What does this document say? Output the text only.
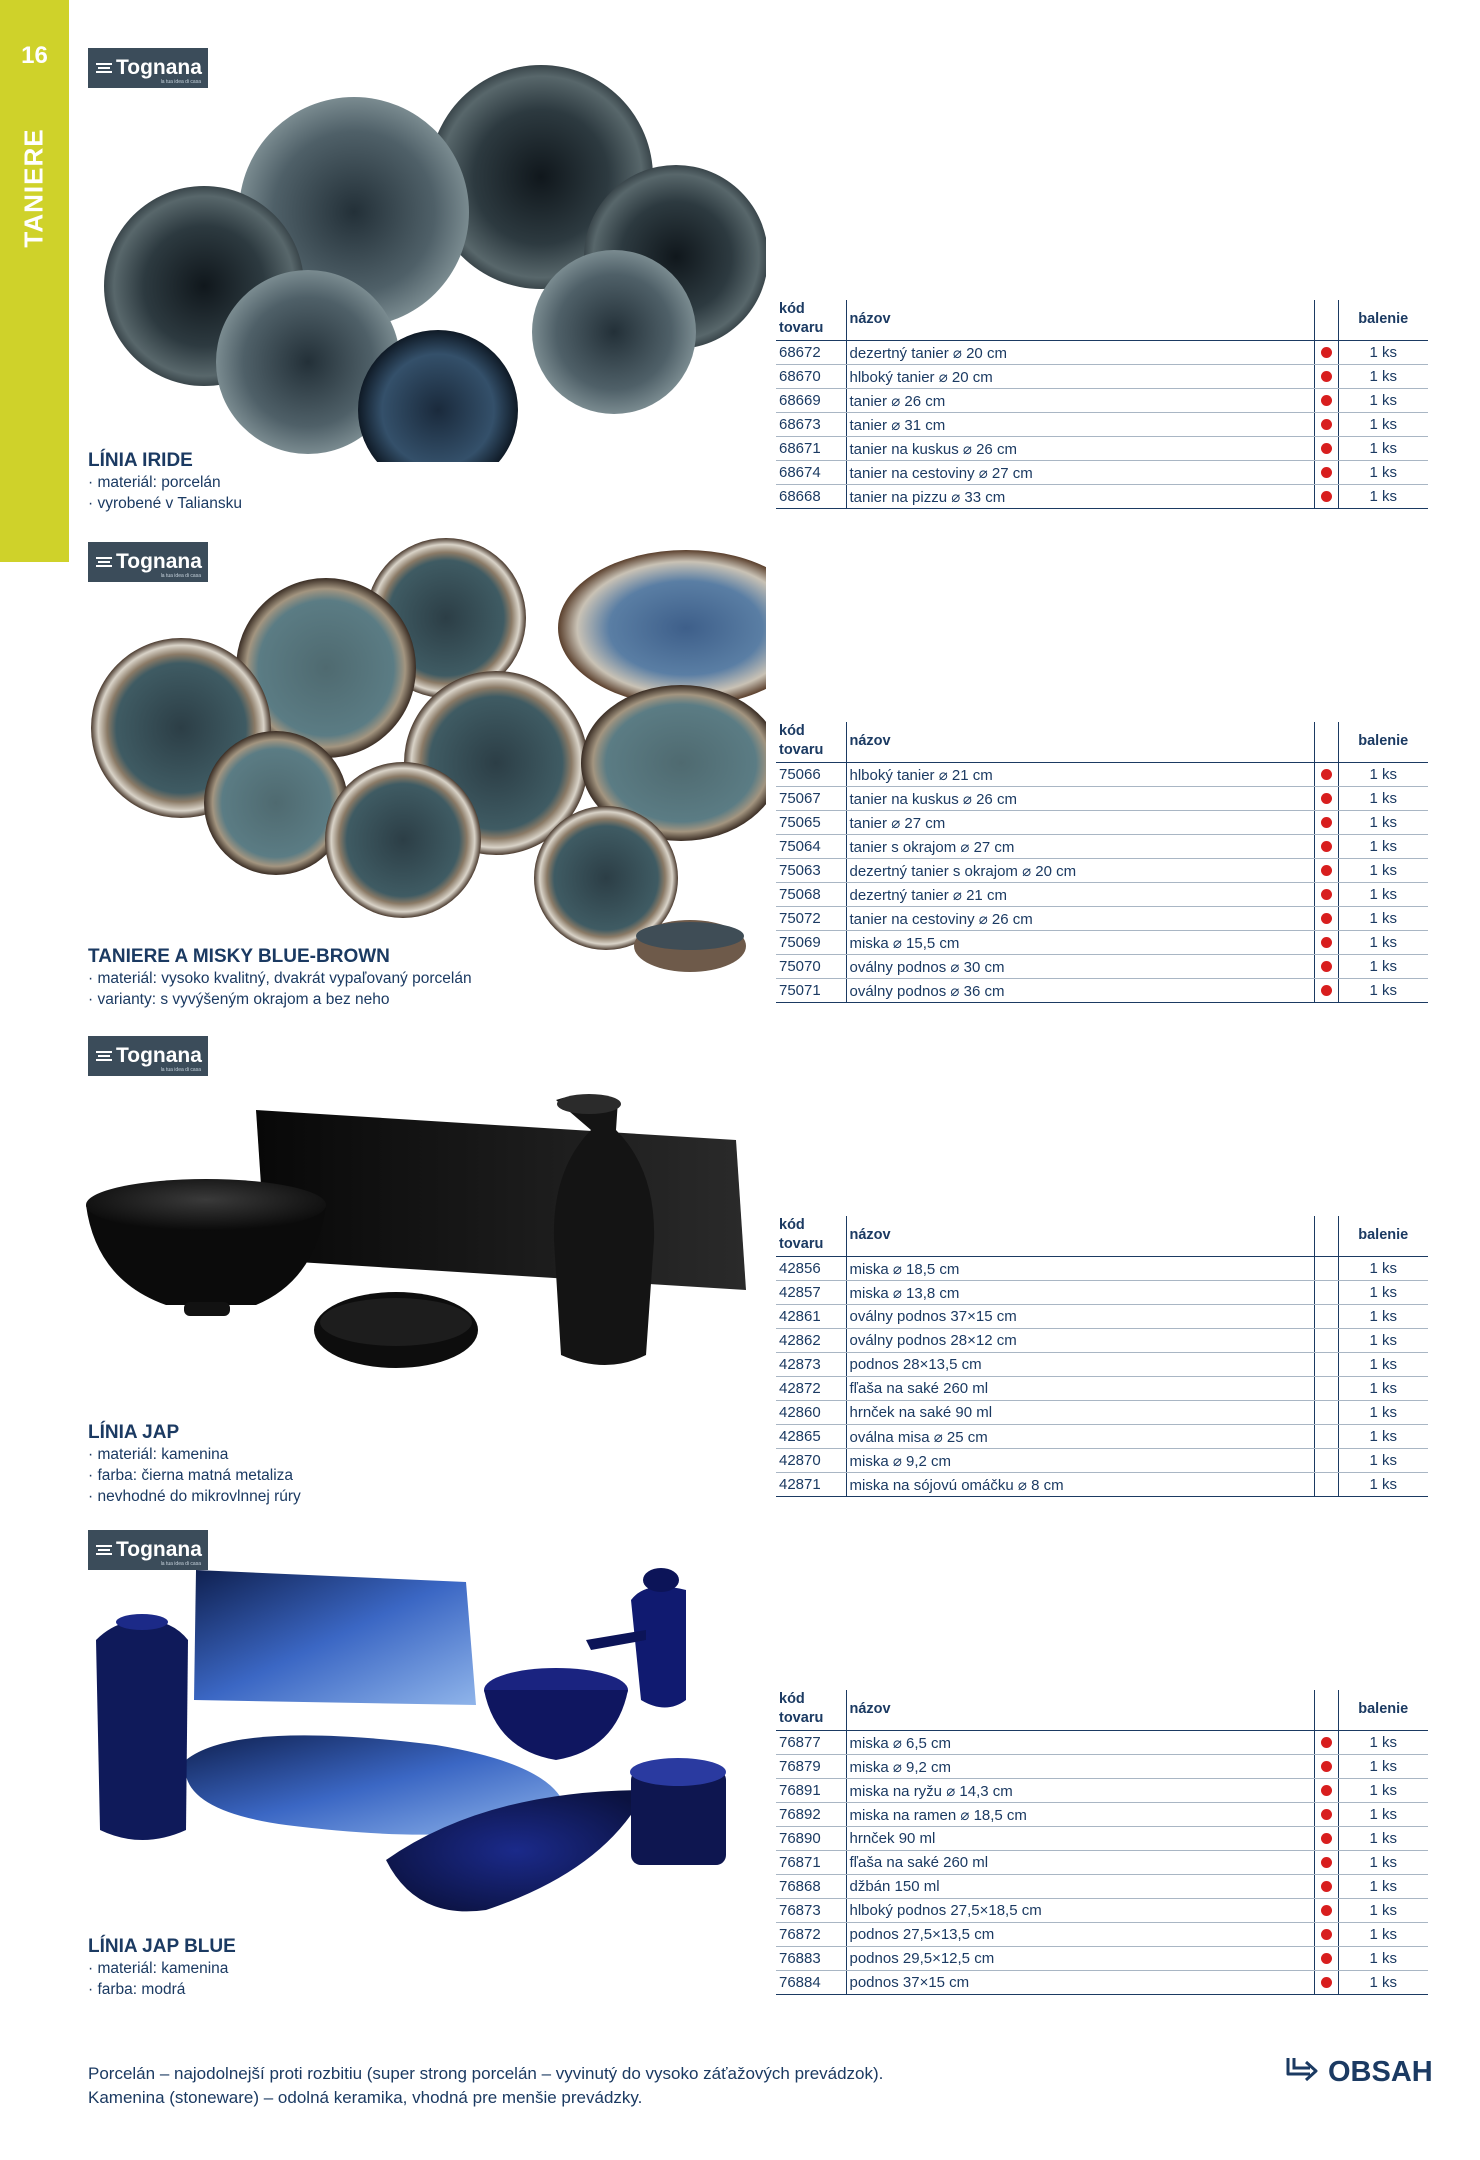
16
TANIERE
Tognana
la tua idea di casa
LÍNIA IRIDE
· materiál: porcelán
· vyrobené v Taliansku
kód tovaru	názov		balenie
68672	dezertný tanier ⌀ 20 cm		1 ks
68670	hlboký tanier ⌀ 20 cm		1 ks
68669	tanier ⌀ 26 cm		1 ks
68673	tanier ⌀ 31 cm		1 ks
68671	tanier na kuskus ⌀ 26 cm		1 ks
68674	tanier na cestoviny ⌀ 27 cm		1 ks
68668	tanier na pizzu ⌀ 33 cm		1 ks
Tognana
la tua idea di casa
TANIERE A MISKY BLUE-BROWN
· materiál: vysoko kvalitný, dvakrát vypaľovaný porcelán
· varianty: s vyvýšeným okrajom a bez neho
kód tovaru	názov		balenie
75066	hlboký tanier ⌀ 21 cm		1 ks
75067	tanier na kuskus ⌀ 26 cm		1 ks
75065	tanier ⌀ 27 cm		1 ks
75064	tanier s okrajom ⌀ 27 cm		1 ks
75063	dezertný tanier s okrajom ⌀ 20 cm		1 ks
75068	dezertný tanier ⌀ 21 cm		1 ks
75072	tanier na cestoviny ⌀ 26 cm		1 ks
75069	miska ⌀ 15,5 cm		1 ks
75070	oválny podnos ⌀ 30 cm		1 ks
75071	oválny podnos ⌀ 36 cm		1 ks
Tognana
la tua idea di casa
LÍNIA JAP
· materiál: kamenina
· farba: čierna matná metaliza
· nevhodné do mikrovlnnej rúry
kód tovaru	názov		balenie
42856	miska ⌀ 18,5 cm		1 ks
42857	miska ⌀ 13,8 cm		1 ks
42861	oválny podnos 37×15 cm		1 ks
42862	oválny podnos 28×12 cm		1 ks
42873	podnos 28×13,5 cm		1 ks
42872	fľaša na saké 260 ml		1 ks
42860	hrnček na saké 90 ml		1 ks
42865	oválna misa ⌀ 25 cm		1 ks
42870	miska ⌀ 9,2 cm		1 ks
42871	miska na sójovú omáčku ⌀ 8 cm		1 ks
Tognana
la tua idea di casa
LÍNIA JAP BLUE
· materiál: kamenina
· farba: modrá
kód tovaru	názov		balenie
76877	miska ⌀ 6,5 cm		1 ks
76879	miska ⌀ 9,2 cm		1 ks
76891	miska na ryžu ⌀ 14,3 cm		1 ks
76892	miska na ramen ⌀ 18,5 cm		1 ks
76890	hrnček 90 ml		1 ks
76871	fľaša na saké 260 ml		1 ks
76868	džbán 150 ml		1 ks
76873	hlboký podnos 27,5×18,5 cm		1 ks
76872	podnos 27,5×13,5 cm		1 ks
76883	podnos 29,5×12,5 cm		1 ks
76884	podnos 37×15 cm		1 ks
Porcelán – najodolnejší proti rozbitiu (super strong porcelán – vyvinutý do vysoko záťažových prevádzok).
Kamenina (stoneware) – odolná keramika, vhodná pre menšie prevádzky.
OBSAH
